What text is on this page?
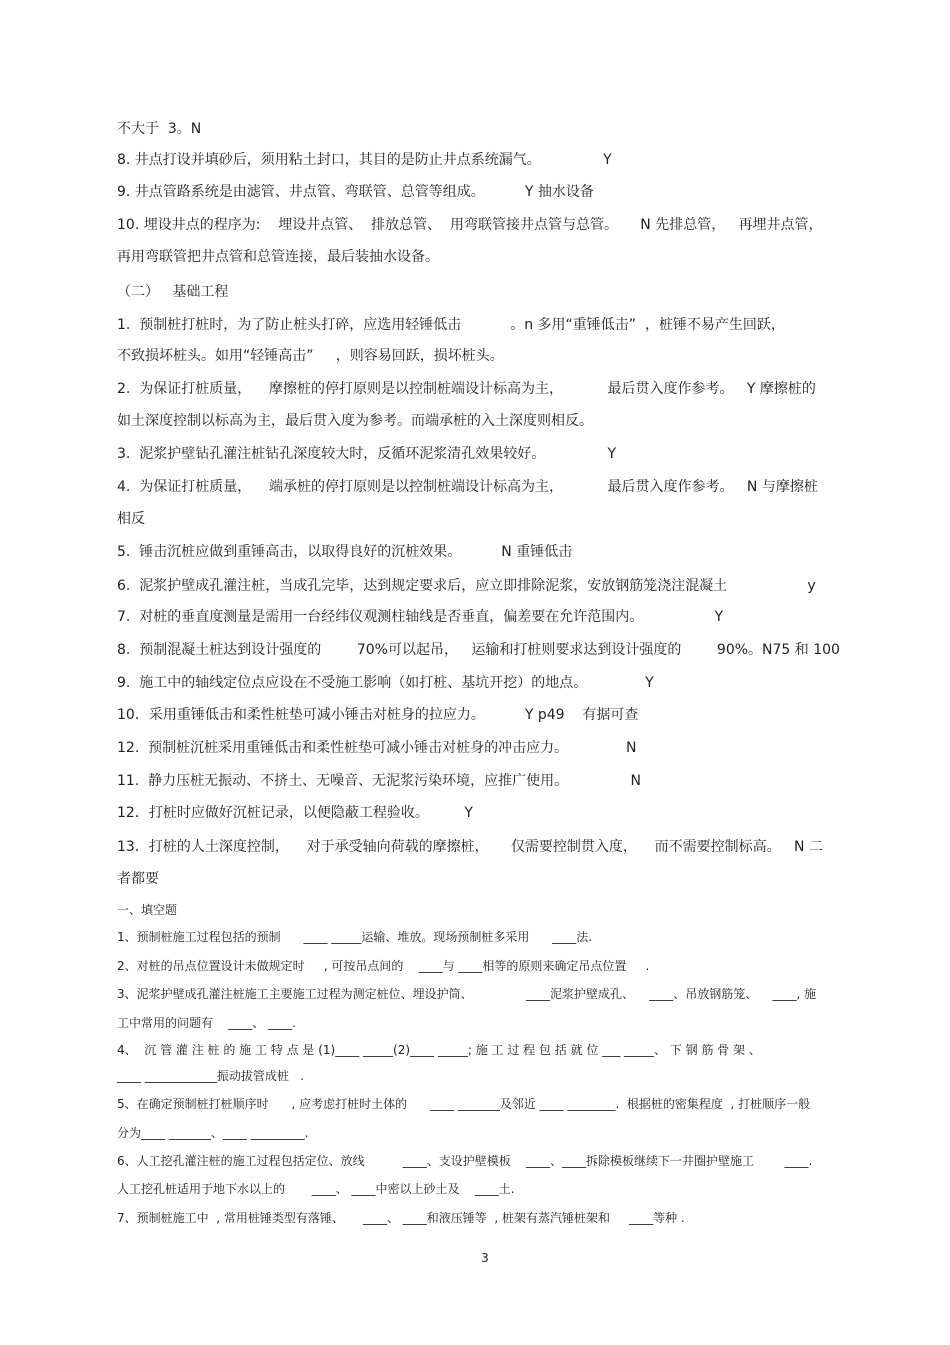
不大于  3。N
8. 井点打设并填砂后，须用粘土封口，其目的是防止井点系统漏气。              Y
9. 井点管路系统是由滤管、井点管、弯联管、总管等组成。         Y 抽水设备
10. 埋设井点的程序为:    埋设井点管、  排放总管、  用弯联管接井点管与总管。     N 先排总管，   再埋井点管，
再用弯联管把井点管和总管连接，最后装抽水设备。
（二）   基础工程
1.  预制桩打桩时，为了防止桩头打碎，应选用轻锤低击           。n 多用“重锤低击”  ，桩锤不易产生回跃，
不致损坏桩头。如用“轻锤高击”     ，则容易回跃，损坏桩头。
2.  为保证打桩质量，    摩擦桩的停打原则是以控制桩端设计标高为主，          最后贯入度作参考。   Y 摩擦桩的
如土深度控制以标高为主，最后贯入度为参考。而端承桩的入土深度则相反。
3.  泥浆护壁钻孔灌注桩钻孔深度较大时，反循环泥浆清孔效果较好。              Y
4.  为保证打桩质量，    端承桩的停打原则是以控制桩端设计标高为主，          最后贯入度作参考。   N 与摩擦桩
相反
5.  锤击沉桩应做到重锤高击，以取得良好的沉桩效果。         N 重锤低击
6.  泥浆护壁成孔灌注桩，当成孔完毕，达到规定要求后，应立即排除泥浆，安放钢筋笼浇注混凝土                  y
7.  对桩的垂直度测量是需用一台经纬仪观测柱轴线是否垂直，偏差要在允许范围内。                Y
8.  预制混凝土桩达到设计强度的        70%可以起吊，   运输和打桩则要求达到设计强度的        90%。N75 和 100
9.  施工中的轴线定位点应设在不受施工影响（如打桩、基坑开挖）的地点。             Y
10．采用重锤低击和柔性桩垫可减小锤击对桩身的拉应力。         Y p49    有据可查
12.  预制桩沉桩采用重锤低击和柔性桩垫可减小锤击对桩身的冲击应力。             N
11.  静力压桩无振动、不挤土、无噪音、无泥浆污染环境，应推广使用。              N
12．打桩时应做好沉桩记录，以便隐蔽工程验收。        Y
13．打桩的人土深度控制，    对于承受轴向荷载的摩擦桩，     仅需要控制贯入度，    而不需要控制标高。   N 二
者都要
一、填空题
1、预制桩施工过程包括的预制      ____ _____运输、堆放。现场预制桩多采用      ____法.
2、对桩的吊点位置设计未做规定时     , 可按吊点间的    ____与 ____相等的原则来确定吊点位置     .
3、泥浆护壁成孔灌注桩施工主要施工过程为测定桩位、埋设护筒、              ____泥浆护壁成孔、    ____、吊放钢筋笼、    ____, 施
工中常用的问题有    ____、 ____.
4、  沉 管 灌 注 桩 的 施 工 特 点 是 (1)____ _____(2)____ _____; 施 工 过 程 包 括 就 位 ___ _____、 下 钢 筋 骨 架 、
____ ____________振动拔管成桩   .
5、在确定预制桩打桩顺序时      , 应考虑打桩时土体的      ____ _______及邻近 ____ ________.  根据桩的密集程度  , 打桩顺序一般
分为____ _______、____ _________.
6、人工挖孔灌注桩的施工过程包括定位、放线          ____、支设护壁模板    ____、____拆除模板继续下一井圈护壁施工        ____.
人工挖孔桩适用于地下水以上的       ____、 ____中密以上砂土及    ____土.
7、预制桩施工中  , 常用桩锤类型有落锤、     ____、 ____和液压锤等  , 桩架有蒸汽锤桩架和     ____等种 .
3
